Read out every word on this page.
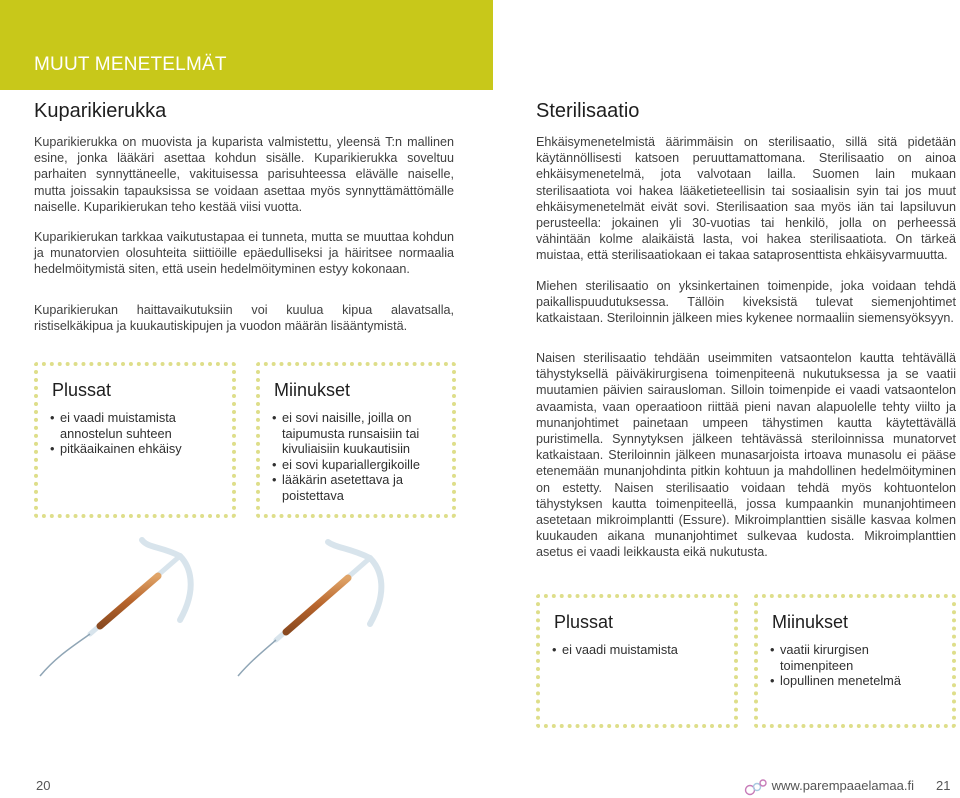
MUUT MENETELMÄT
Kuparikierukka

Kuparikierukka on muovista ja kuparista valmistettu, yleensä T:n mallinen esine, jonka lääkäri asettaa kohdun sisälle. Kuparikierukka soveltuu parhaiten synnyttäneelle, vakituisessa parisuhteessa elävälle naiselle, mutta joissakin tapauksissa se voidaan asettaa myös synnyttämättömälle naiselle. Kuparikierukan teho kestää viisi vuotta.

Kuparikierukan tarkkaa vaikutustapaa ei tunneta, mutta se muuttaa kohdun ja munatorvien olosuhteita siittiöille epäedulliseksi ja häiritsee normaalia hedelmöitymistä siten, että usein hedelmöityminen estyy kokonaan.

Kuparikierukan haittavaikutuksiin voi kuulua kipua alavatsalla, ristiselkäkipua ja kuukautiskipujen ja vuodon määrän lisääntymistä.

Plussat
• ei vaadi muistamista annostelun suhteen
• pitkäaikainen ehkäisy
Miinukset
• ei sovi naisille, joilla on taipumusta runsaisiin tai kivuliaisiin kuukautisiin
• ei sovi kupariallergikoille
• lääkärin asetettava ja poistettava
Sterilisaatio

Ehkäisymenetelmistä äärimmäisin on sterilisaatio, sillä sitä pidetään käytännöllisesti katsoen peruuttamattomana. Sterilisaatio on ainoa ehkäisymenetelmä, jota valvotaan lailla. Suomen lain mukaan sterilisaatiota voi hakea lääketieteellisin tai sosiaalisin syin tai jos muut ehkäisymenetelmät eivät sovi. Sterilisaation saa myös iän tai lapsiluvun perusteella: jokainen yli 30-vuotias tai henkilö, jolla on perheessä vähintään kolme alaikäistä lasta, voi hakea sterilisaatiota. On tärkeä muistaa, että sterilisaatiokaan ei takaa sataprosenttista ehkäisyvarmuutta.

Miehen sterilisaatio on yksinkertainen toimenpide, joka voidaan tehdä paikallispuudutuksessa. Tällöin kiveksistä tulevat siemenjohtimet katkaistaan. Steriloinnin jälkeen mies kykenee normaaliin siemensyöksyyn.

Naisen sterilisaatio tehdään useimmiten vatsaontelon kautta tehtävällä tähystyksellä päiväkirurgisena toimenpiteenä nukutuksessa ja se vaatii muutamien päivien sairausloman. Silloin toimenpide ei vaadi vatsaontelon avaamista, vaan operaatioon riittää pieni navan alapuolelle tehty viilto ja munanjohtimet painetaan umpeen tähystimen kautta käytettävällä puristimella. Synnytyksen jälkeen tehtävässä steriloinnissa munatorvet katkaistaan. Steriloinnin jälkeen munasarjoista irtoava munasolu ei pääse etenemään munanjohdinta pitkin kohtuun ja mahdollinen hedelmöityminen on estetty. Naisen sterilisaatio voidaan tehdä myös kohtuontelon tähystyksen kautta toimenpiteellä, jossa kumpaankin munanjohtimeen asetetaan mikroimplantti (Essure). Mikroimplanttien sisälle kasvaa kolmen kuukauden aikana munanjohtimet sulkevaa kudosta. Mikroimplanttien asetus ei vaadi leikkausta eikä nukutusta.

Plussat
• ei vaadi muistamista
Miinukset
• vaatii kirurgisen toimenpiteen
• lopullinen menetelmä
20	www.parempaaelamaa.fi 21
